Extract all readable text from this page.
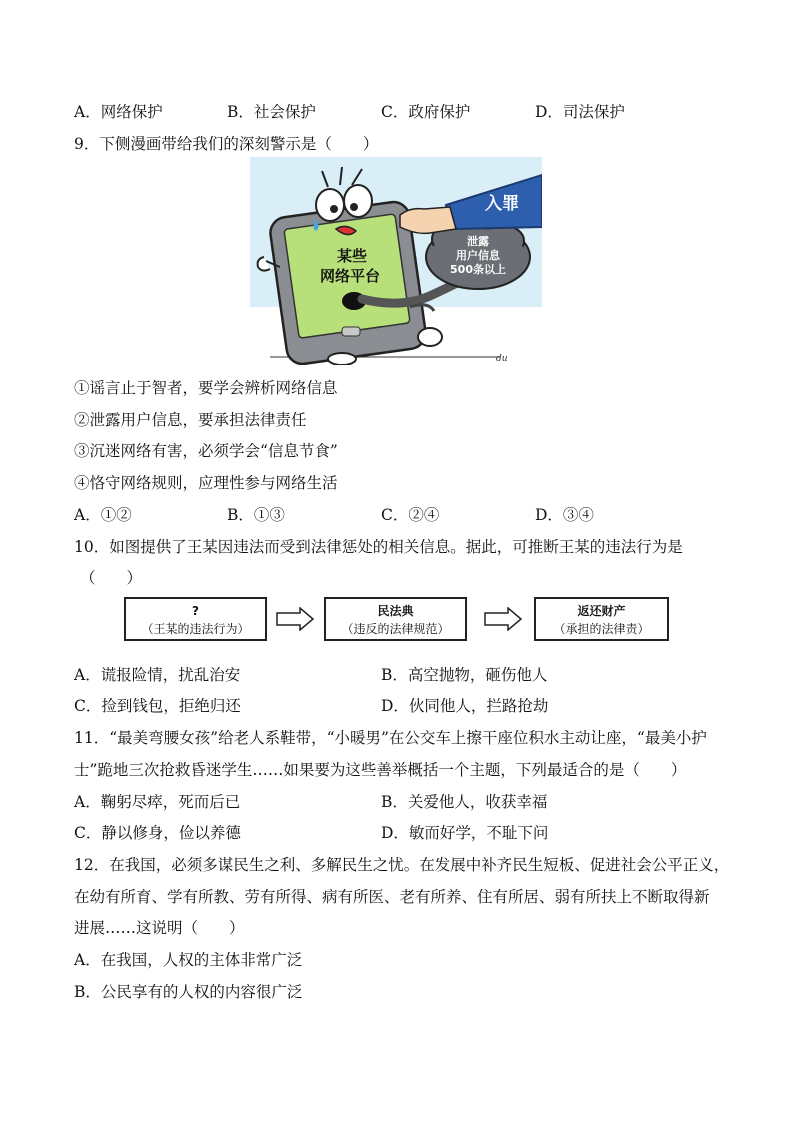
A．网络保护	B．社会保护	C．政府保护	D．司法保护
9．下侧漫画带给我们的深刻警示是（　　）
某些
网络平台
泄露
用户信息
500条以上
入罪
du
①谣言止于智者，要学会辨析网络信息
②泄露用户信息，要承担法律责任
③沉迷网络有害，必须学会“信息节食”
④恪守网络规则，应理性参与网络生活
A．①②	B．①③	C．②④	D．③④
10．如图提供了王某因违法而受到法律惩处的相关信息。据此，可推断王某的违法行为是
（　　）
?
（王某的违法行为）
民法典
（违反的法律规范）
返还财产
（承担的法律责）
A．谎报险情，扰乱治安	B．高空抛物，砸伤他人
C．捡到钱包，拒绝归还	D．伙同他人，拦路抢劫
11．“最美弯腰女孩”给老人系鞋带，“小暖男”在公交车上擦干座位积水主动让座，“最美小护
士”跪地三次抢救昏迷学生……如果要为这些善举概括一个主题，下列最适合的是（　　）
A．鞠躬尽瘁，死而后已	B．关爱他人，收获幸福
C．静以修身，俭以养德	D．敏而好学，不耻下问
12．在我国，必须多谋民生之利、多解民生之忧。在发展中补齐民生短板、促进社会公平正义，
在幼有所育、学有所教、劳有所得、病有所医、老有所养、住有所居、弱有所扶上不断取得新
进展……这说明（　　）
A．在我国，人权的主体非常广泛
B．公民享有的人权的内容很广泛
